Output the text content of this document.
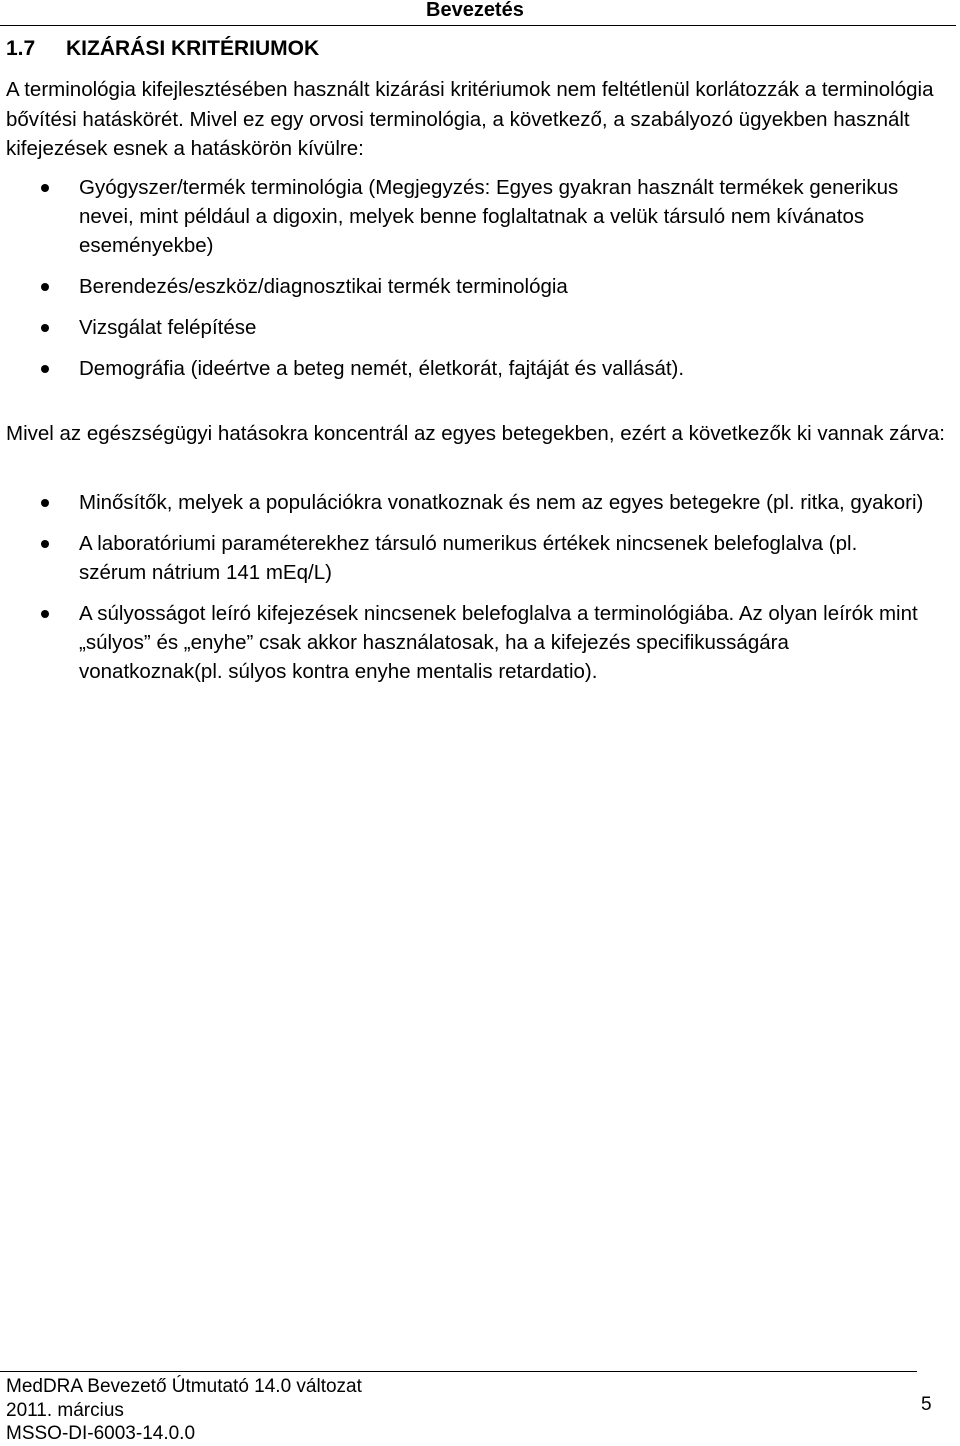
Bevezetés
1.7 KIZÁRÁSI KRITÉRIUMOK
A terminológia kifejlesztésében használt kizárási kritériumok nem feltétlenül korlátozzák a terminológia bővítési hatáskörét. Mivel ez egy orvosi terminológia, a következő, a szabályozó ügyekben használt kifejezések esnek a hatáskörön kívülre:
Gyógyszer/termék terminológia (Megjegyzés: Egyes gyakran használt termékek generikus nevei, mint például a digoxin, melyek benne foglaltatnak a velük társuló nem kívánatos eseményekbe)
Berendezés/eszköz/diagnosztikai termék terminológia
Vizsgálat felépítése
Demográfia (ideértve a beteg nemét, életkorát, fajtáját és vallását).
Mivel az egészségügyi hatásokra koncentrál az egyes betegekben, ezért a következők ki vannak zárva:
Minősítők, melyek a populációkra vonatkoznak és nem az egyes betegekre (pl. ritka, gyakori)
A laboratóriumi paraméterekhez társuló numerikus értékek nincsenek belefoglalva (pl. szérum nátrium 141 mEq/L)
A súlyosságot leíró kifejezések nincsenek belefoglalva a terminológiába. Az olyan leírók mint „súlyos” és „enyhe” csak akkor használatosak, ha a kifejezés specifikusságára vonatkoznak(pl. súlyos kontra enyhe mentalis retardatio).
MedDRA Bevezető Útmutató 14.0 változat
2011. március
MSSO-DI-6003-14.0.0
5
